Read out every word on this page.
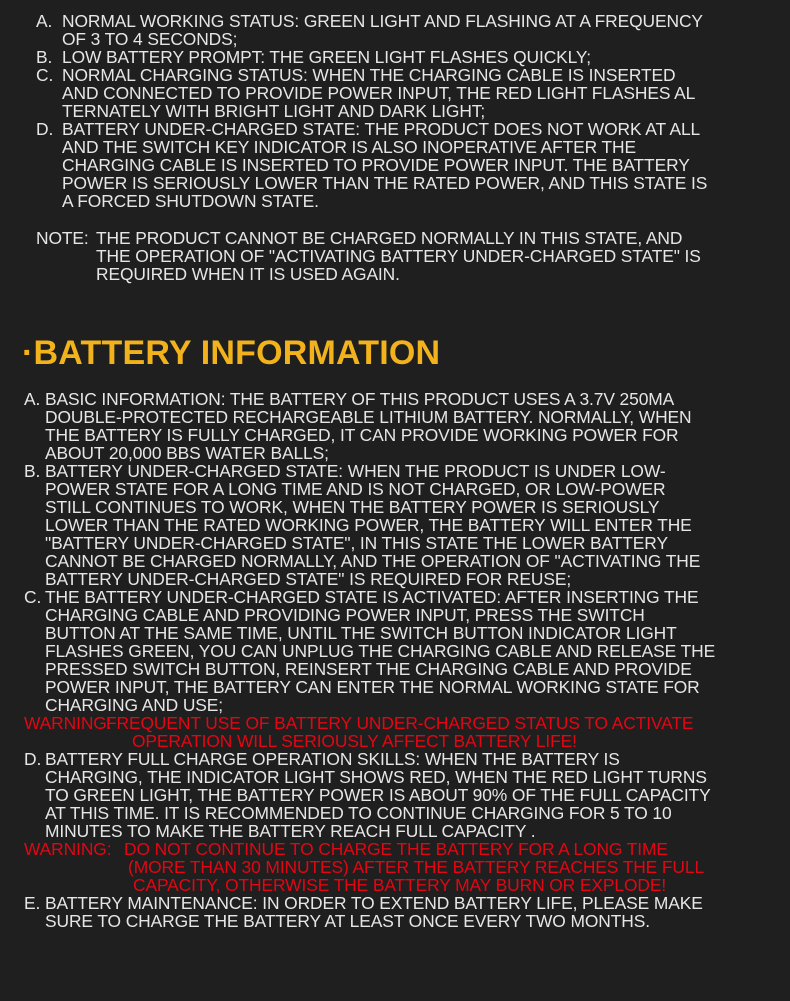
A. NORMAL WORKING STATUS: GREEN LIGHT AND FLASHING AT A FREQUENCY
OF 3 TO 4 SECONDS;
B. LOW BATTERY PROMPT: THE GREEN LIGHT FLASHES QUICKLY;
C. NORMAL CHARGING STATUS: WHEN THE CHARGING CABLE IS INSERTED
AND CONNECTED TO PROVIDE POWER INPUT, THE RED LIGHT FLASHES AL
TERNATELY WITH BRIGHT LIGHT AND DARK LIGHT;
D. BATTERY UNDER-CHARGED STATE: THE PRODUCT DOES NOT WORK AT ALL
AND THE SWITCH KEY INDICATOR IS ALSO INOPERATIVE AFTER THE
CHARGING CABLE IS INSERTED TO PROVIDE POWER INPUT. THE BATTERY
POWER IS SERIOUSLY LOWER THAN THE RATED POWER, AND THIS STATE IS
A FORCED SHUTDOWN STATE.
NOTE: THE PRODUCT CANNOT BE CHARGED NORMALLY IN THIS STATE, AND
THE OPERATION OF "ACTIVATING BATTERY UNDER-CHARGED STATE" IS
REQUIRED WHEN IT IS USED AGAIN.
·BATTERY INFORMATION
A. BASIC INFORMATION: THE BATTERY OF THIS PRODUCT USES A 3.7V 250MA
DOUBLE-PROTECTED RECHARGEABLE LITHIUM BATTERY. NORMALLY, WHEN
THE BATTERY IS FULLY CHARGED, IT CAN PROVIDE WORKING POWER FOR
ABOUT 20,000 BBS WATER BALLS;
B. BATTERY UNDER-CHARGED STATE: WHEN THE PRODUCT IS UNDER LOW-
POWER STATE FOR A LONG TIME AND IS NOT CHARGED, OR LOW-POWER
STILL CONTINUES TO WORK, WHEN THE BATTERY POWER IS SERIOUSLY
LOWER THAN THE RATED WORKING POWER, THE BATTERY WILL ENTER THE
"BATTERY UNDER-CHARGED STATE", IN THIS STATE THE LOWER BATTERY
CANNOT BE CHARGED NORMALLY, AND THE OPERATION OF "ACTIVATING THE
BATTERY UNDER-CHARGED STATE" IS REQUIRED FOR REUSE;
C. THE BATTERY UNDER-CHARGED STATE IS ACTIVATED: AFTER INSERTING THE
CHARGING CABLE AND PROVIDING POWER INPUT, PRESS THE SWITCH
BUTTON AT THE SAME TIME, UNTIL THE SWITCH BUTTON INDICATOR LIGHT
FLASHES GREEN, YOU CAN UNPLUG THE CHARGING CABLE AND RELEASE THE
PRESSED SWITCH BUTTON, REINSERT THE CHARGING CABLE AND PROVIDE
POWER INPUT, THE BATTERY CAN ENTER THE NORMAL WORKING STATE FOR
CHARGING AND USE;
WARNING:
FREQUENT USE OF BATTERY UNDER-CHARGED STATUS TO ACTIVATE
OPERATION WILL SERIOUSLY AFFECT BATTERY LIFE!
D. BATTERY FULL CHARGE OPERATION SKILLS: WHEN THE BATTERY IS
CHARGING, THE INDICATOR LIGHT SHOWS RED, WHEN THE RED LIGHT TURNS
TO GREEN LIGHT, THE BATTERY POWER IS ABOUT 90% OF THE FULL CAPACITY
AT THIS TIME. IT IS RECOMMENDED TO CONTINUE CHARGING FOR 5 TO 10
MINUTES TO MAKE THE BATTERY REACH FULL CAPACITY .
WARNING: DO NOT CONTINUE TO CHARGE THE BATTERY FOR A LONG TIME
(MORE THAN 30 MINUTES) AFTER THE BATTERY REACHES THE FULL
CAPACITY, OTHERWISE THE BATTERY MAY BURN OR EXPLODE!
E. BATTERY MAINTENANCE: IN ORDER TO EXTEND BATTERY LIFE, PLEASE MAKE
SURE TO CHARGE THE BATTERY AT LEAST ONCE EVERY TWO MONTHS.
